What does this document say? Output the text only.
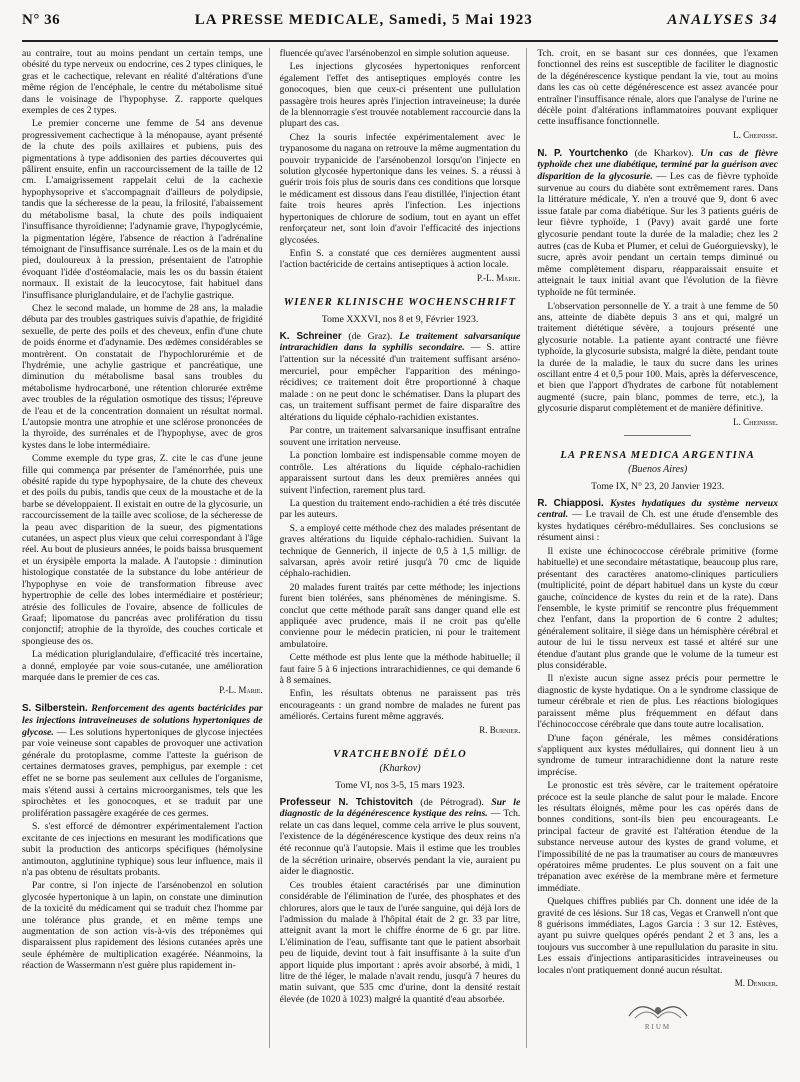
N° 36	LA PRESSE MEDICALE, Samedi, 5 Mai 1923	ANALYSES 34

au contraire, tout au moins pendant un certain temps, une obésité du type nerveux ou endocrine, ces 2 types cliniques, le gras et le cachectique, relevant en réalité d'altérations d'une même région de l'encéphale, le centre du métabolisme situé dans le voisinage de l'hypophyse. Z. rapporte quelques exemples de ces 2 types.

Le premier concerne une femme de 54 ans devenue progressivement cachectique à la ménopause, ayant présenté de la chute des poils axillaires et pubiens, puis des pigmentations à type addisonien des parties découvertes qui pâlirent ensuite, enfin un raccourcissement de la taille de 12 cm. L'amaigrissement rappelait celui de la cachexie hypophysoprive et s'accompagnait d'ailleurs de polydipsie, tandis que la sécheresse de la peau, la frilosité, l'abaissement du métabolisme basal, la chute des poils indiquaient l'insuffisance thyroïdienne; l'adynamie grave, l'hypoglycémie, la pigmentation légère, l'absence de réaction à l'adrénaline témoignant de l'insuffisance surrénale. Les os de la main et du pied, douloureux à la pression, présentaient de l'atrophie évoquant l'idée d'ostéomalacie, mais les os du bassin étaient normaux. Il existait de la leucocytose, fait habituel dans l'insuffisance pluriglandulaire, et de l'achylie gastrique.

Chez le second malade, un homme de 28 ans, la maladie débuta par des troubles gastriques suivis d'apathie, de frigidité sexuelle, de perte des poils et des cheveux, enfin d'une chute de poids énorme et d'adynamie. Des œdèmes considérables se montrèrent. On constatait de l'hypochlorurémie et de l'hydrémie, une achylie gastrique et pancréatique, une diminution du métabolisme basal sans troubles du métabolisme hydrocarboné, une rétention chlorurée extrême avec troubles de la régulation osmotique des tissus; l'épreuve de l'eau et de la concentration donnaient un résultat normal. L'autopsie montra une atrophie et une sclérose prononcées de la thyroïde, des surrénales et de l'hypophyse, avec de gros kystes dans le lobe intermédiaire.

Comme exemple du type gras, Z. cite le cas d'une jeune fille qui commença par présenter de l'aménorrhée, puis une obésité rapide du type hypophysaire, de la chute des cheveux et des poils du pubis, tandis que ceux de la moustache et de la barbe se développaient. Il existait en outre de la glycosurie, un raccourcissement de la taille avec scoliose, de la sécheresse de la peau avec disparition de la sueur, des pigmentations cutanées, un aspect plus vieux que celui correspondant à l'âge réel. Au bout de plusieurs années, le poids baissa brusquement et un érysipèle emporta la malade. A l'autopsie : diminution histologique constatée de la substance du lobe antérieur de l'hypophyse en voie de transformation fibreuse avec hypertrophie de celle des lobes intermédiaire et postérieur; atrésie des follicules de l'ovaire, absence de follicules de Graaf; lipomatose du pancréas avec prolifération du tissu conjonctif; atrophie de la thyroïde, des couches corticale et spongieuse des os.

La médication pluriglandulaire, d'efficacité très incertaine, a donné, employée par voie sous-cutanée, une amélioration marquée dans le premier de ces cas.

P.-L. Marie.
S. Silberstein. Renforcement des agents bactéricides par les injections intraveineuses de solutions hypertoniques de glycose. — Les solutions hypertoniques de glycose injectées par voie veineuse sont capables de provoquer une activation générale du protoplasme, comme l'atteste la guérison de certaines dermatoses graves, pemphigus, par exemple : cet effet ne se borne pas seulement aux cellules de l'organisme, mais s'étend aussi à certains microorganismes, tels que les spirochètes et les gonocoques, et se traduit par une prolifération passagère exagérée de ces germes.

S. s'est efforcé de démontrer expérimentalement l'action excitante de ces injections en mesurant les modifications que subit la production des anticorps spécifiques (hémolysine antimouton, agglutinine typhique) sous leur influence, mais il n'a pas obtenu de résultats probants.

Par contre, si l'on injecte de l'arsénobenzol en solution glycosée hypertonique à un lapin, on constate une diminution de la toxicité du médicament qui se traduit chez l'homme par une tolérance plus grande, et en même temps une augmentation de son action vis-à-vis des tréponèmes qui disparaissent plus rapidement des lésions cutanées après une seule éphémère de multiplication exagérée. Néanmoins, la réaction de Wassermann n'est guère plus rapidement in-

fluencée qu'avec l'arsénobenzol en simple solution aqueuse.

Les injections glycosées hypertoniques renforcent également l'effet des antiseptiques employés contre les gonocoques, bien que ceux-ci présentent une pullulation passagère trois heures après l'injection intraveineuse; la durée de la blennorragie s'est trouvée notablement raccourcie dans la plupart des cas.

Chez la souris infectée expérimentalement avec le trypanosome du nagana on retrouve la même augmentation du pouvoir trypanicide de l'arsénobenzol lorsqu'on l'injecte en solution glycosée hypertonique dans les veines. S. a réussi à guérir trois fois plus de souris dans ces conditions que lorsque le médicament est dissous dans l'eau distillée, l'injection étant faite trois heures après l'infection. Les injections hypertoniques de chlorure de sodium, tout en ayant un effet renforçateur net, sont loin d'avoir l'efficacité des injections glycosées.

Enfin S. a constaté que ces dernières augmentent aussi l'action bactéricide de certains antiseptiques à action locale.

P.-L. Marie.
WIENER KLINISCHE WOCHENSCHRIFT
Tome XXXVI, nos 8 et 9, Février 1923.
K. Schreiner (de Graz). Le traitement salvarsanique intrarachidien dans la syphilis secondaire. — S. attire l'attention sur la nécessité d'un traitement suffisant arséno-mercuriel, pour empêcher l'apparition des méningo-récidives; ce traitement doit être proportionné à chaque malade : on ne peut donc le schématiser. Dans la plupart des cas, un traitement suffisant permet de faire disparaître des altérations du liquide céphalo-rachidien existantes.

Par contre, un traitement salvarsanique insuffisant entraîne souvent une irritation nerveuse.

La ponction lombaire est indispensable comme moyen de contrôle. Les altérations du liquide céphalo-rachidien apparaissent surtout dans les deux premières années qui suivent l'infection, rarement plus tard.

La question du traitement endo-rachidien a été très discutée par les auteurs.

S. a employé cette méthode chez des malades présentant de graves altérations du liquide céphalo-rachidien. Suivant la technique de Gennerich, il injecte de 0,5 à 1,5 milligr. de salvarsan, après avoir retiré jusqu'à 70 cmc de liquide céphalo-rachidien.

20 malades furent traités par cette méthode; les injections furent bien tolérées, sans phénomènes de méningisme. S. conclut que cette méthode paraît sans danger quand elle est appliquée avec prudence, mais il ne croit pas qu'elle convienne pour le médecin praticien, ni pour le traitement ambulatoire.

Cette méthode est plus lente que la méthode habituelle; il faut faire 5 à 6 injections intrarachidiennes, ce qui demande 6 à 8 semaines.

Enfin, les résultats obtenus ne paraissent pas très encourageants : un grand nombre de malades ne furent pas améliorés. Certains furent même aggravés.

R. Burnier.
VRATCHEBNOÏÉ DÉLO
(Kharkov)
Tome VI, nos 3-5, 15 mars 1923.
Professeur N. Tchistovitch (de Pétrograd). Sur le diagnostic de la dégénérescence kystique des reins. — Tch. relate un cas dans lequel, comme cela arrive le plus souvent, l'existence de la dégénérescence kystique des deux reins n'a été reconnue qu'à l'autopsie. Mais il estime que les troubles de la sécrétion urinaire, observés pendant la vie, auraient pu aider le diagnostic.

Ces troubles étaient caractérisés par une diminution considérable de l'élimination de l'urée, des phosphates et des chlorures, alors que le taux de l'urée sanguine, qui déjà lors de l'admission du malade à l'hôpital était de 2 gr. 33 par litre, atteignit avant la mort le chiffre énorme de 6 gr. par litre. L'élimination de l'eau, suffisante tant que le patient absorbait peu de liquide, devint tout à fait insuffisante à la suite d'un apport liquide plus important : après avoir absorbé, à midi, 1 litre de thé léger, le malade n'avait rendu, jusqu'à 7 heures du matin suivant, que 535 cmc d'urine, dont la densité restait élevée (de 1020 à 1023) malgré la quantité d'eau absorbée.

Tch. croit, en se basant sur ces données, que l'examen fonctionnel des reins est susceptible de faciliter le diagnostic de la dégénérescence kystique pendant la vie, tout au moins dans les cas où cette dégénérescence est assez avancée pour entraîner l'insuffisance rénale, alors que l'analyse de l'urine ne décèle point d'altérations inflammatoires pouvant expliquer cette insuffisance fonctionnelle.

L. Cheinisse.
N. P. Yourtchenko (de Kharkov). Un cas de fièvre typhoïde chez une diabétique, terminé par la guérison avec disparition de la glycosurie. — Les cas de fièvre typhoïde survenue au cours du diabète sont extrêmement rares. Dans la littérature médicale, Y. n'en a trouvé que 9, dont 6 avec issue fatale par coma diabétique. Sur les 3 patients guéris de leur fièvre typhoïde, 1 (Pavy) avait gardé une forte glycosurie pendant toute la durée de la maladie; chez les 2 autres (cas de Kuba et Plumer, et celui de Guéorguievsky), le sucre, après avoir pendant un certain temps diminué ou même complètement disparu, réapparaissait ensuite et atteignait le taux initial avant que l'évolution de la fièvre typhoïde ne fût terminée.

L'observation personnelle de Y. a trait à une femme de 50 ans, atteinte de diabète depuis 3 ans et qui, malgré un traitement diététique sévère, a toujours présenté une glycosurie notable. La patiente ayant contracté une fièvre typhoïde, la glycosurie subsista, malgré la diète, pendant toute la durée de la maladie, le taux du sucre dans les urines oscillant entre 4 et 0,5 pour 100. Mais, après la défervescence, et bien que l'apport d'hydrates de carbone fût notablement augmenté (sucre, pain blanc, pommes de terre, etc.), la glycosurie disparut complètement et de manière définitive.

L. Cheinisse.
LA PRENSA MEDICA ARGENTINA
(Buenos Aires)
Tome IX, N° 23, 20 Janvier 1923.
R. Chiapposi. Kystes hydatiques du système nerveux central. — Le travail de Ch. est une étude d'ensemble des kystes hydatiques cérébro-médullaires. Ses conclusions se résument ainsi :

Il existe une échinococcose cérébrale primitive (forme habituelle) et une secondaire métastatique, beaucoup plus rare, présentant des caractères anatomo-cliniques particuliers (multiplicité, point de départ habituel dans un kyste du cœur gauche, coïncidence de kystes du rein et de la rate). Dans l'ensemble, le kyste primitif se rencontre plus fréquemment chez l'enfant, dans la proportion de 6 contre 2 adultes; généralement solitaire, il siège dans un hémisphère cérébral et autour de lui le tissu nerveux est tassé et altéré sur une étendue d'autant plus grande que le volume de la tumeur est plus considérable.

Il n'existe aucun signe assez précis pour permettre le diagnostic de kyste hydatique. On a le syndrome classique de tumeur cérébrale et rien de plus. Les réactions biologiques paraissent même plus fréquemment en défaut dans l'échinococcose cérébrale que dans toute autre localisation.

D'une façon générale, les mêmes considérations s'appliquent aux kystes médullaires, qui donnent lieu à un syndrome de tumeur intrarachidienne dont la nature reste imprécise.

Le pronostic est très sévère, car le traitement opératoire précoce est la seule planche de salut pour le malade. Encore les résultats éloignés, même pour les cas opérés dans de bonnes conditions, sont-ils bien peu encourageants. Le principal facteur de gravité est l'altération étendue de la substance nerveuse autour des kystes de grand volume, et l'impossibilité de ne pas la traumatiser au cours de manœuvres opératoires même prudentes. Le plus souvent on a fait une trépanation avec exérèse de la membrane mère et fermeture immédiate.

Quelques chiffres publiés par Ch. donnent une idée de la gravité de ces lésions. Sur 18 cas, Vegas et Cranwell n'ont que 8 guérisons immédiates, Lagos Garcia : 3 sur 12. Estèves, ayant pu suivre quelques opérés pendant 2 et 3 ans, les a toujours vus succomber à une repullulation du parasite in situ. Les essais d'injections antiparasiticides intraveineuses ou locales n'ont pratiquement donné aucun résultat.

M. Deniker.
RIUM
